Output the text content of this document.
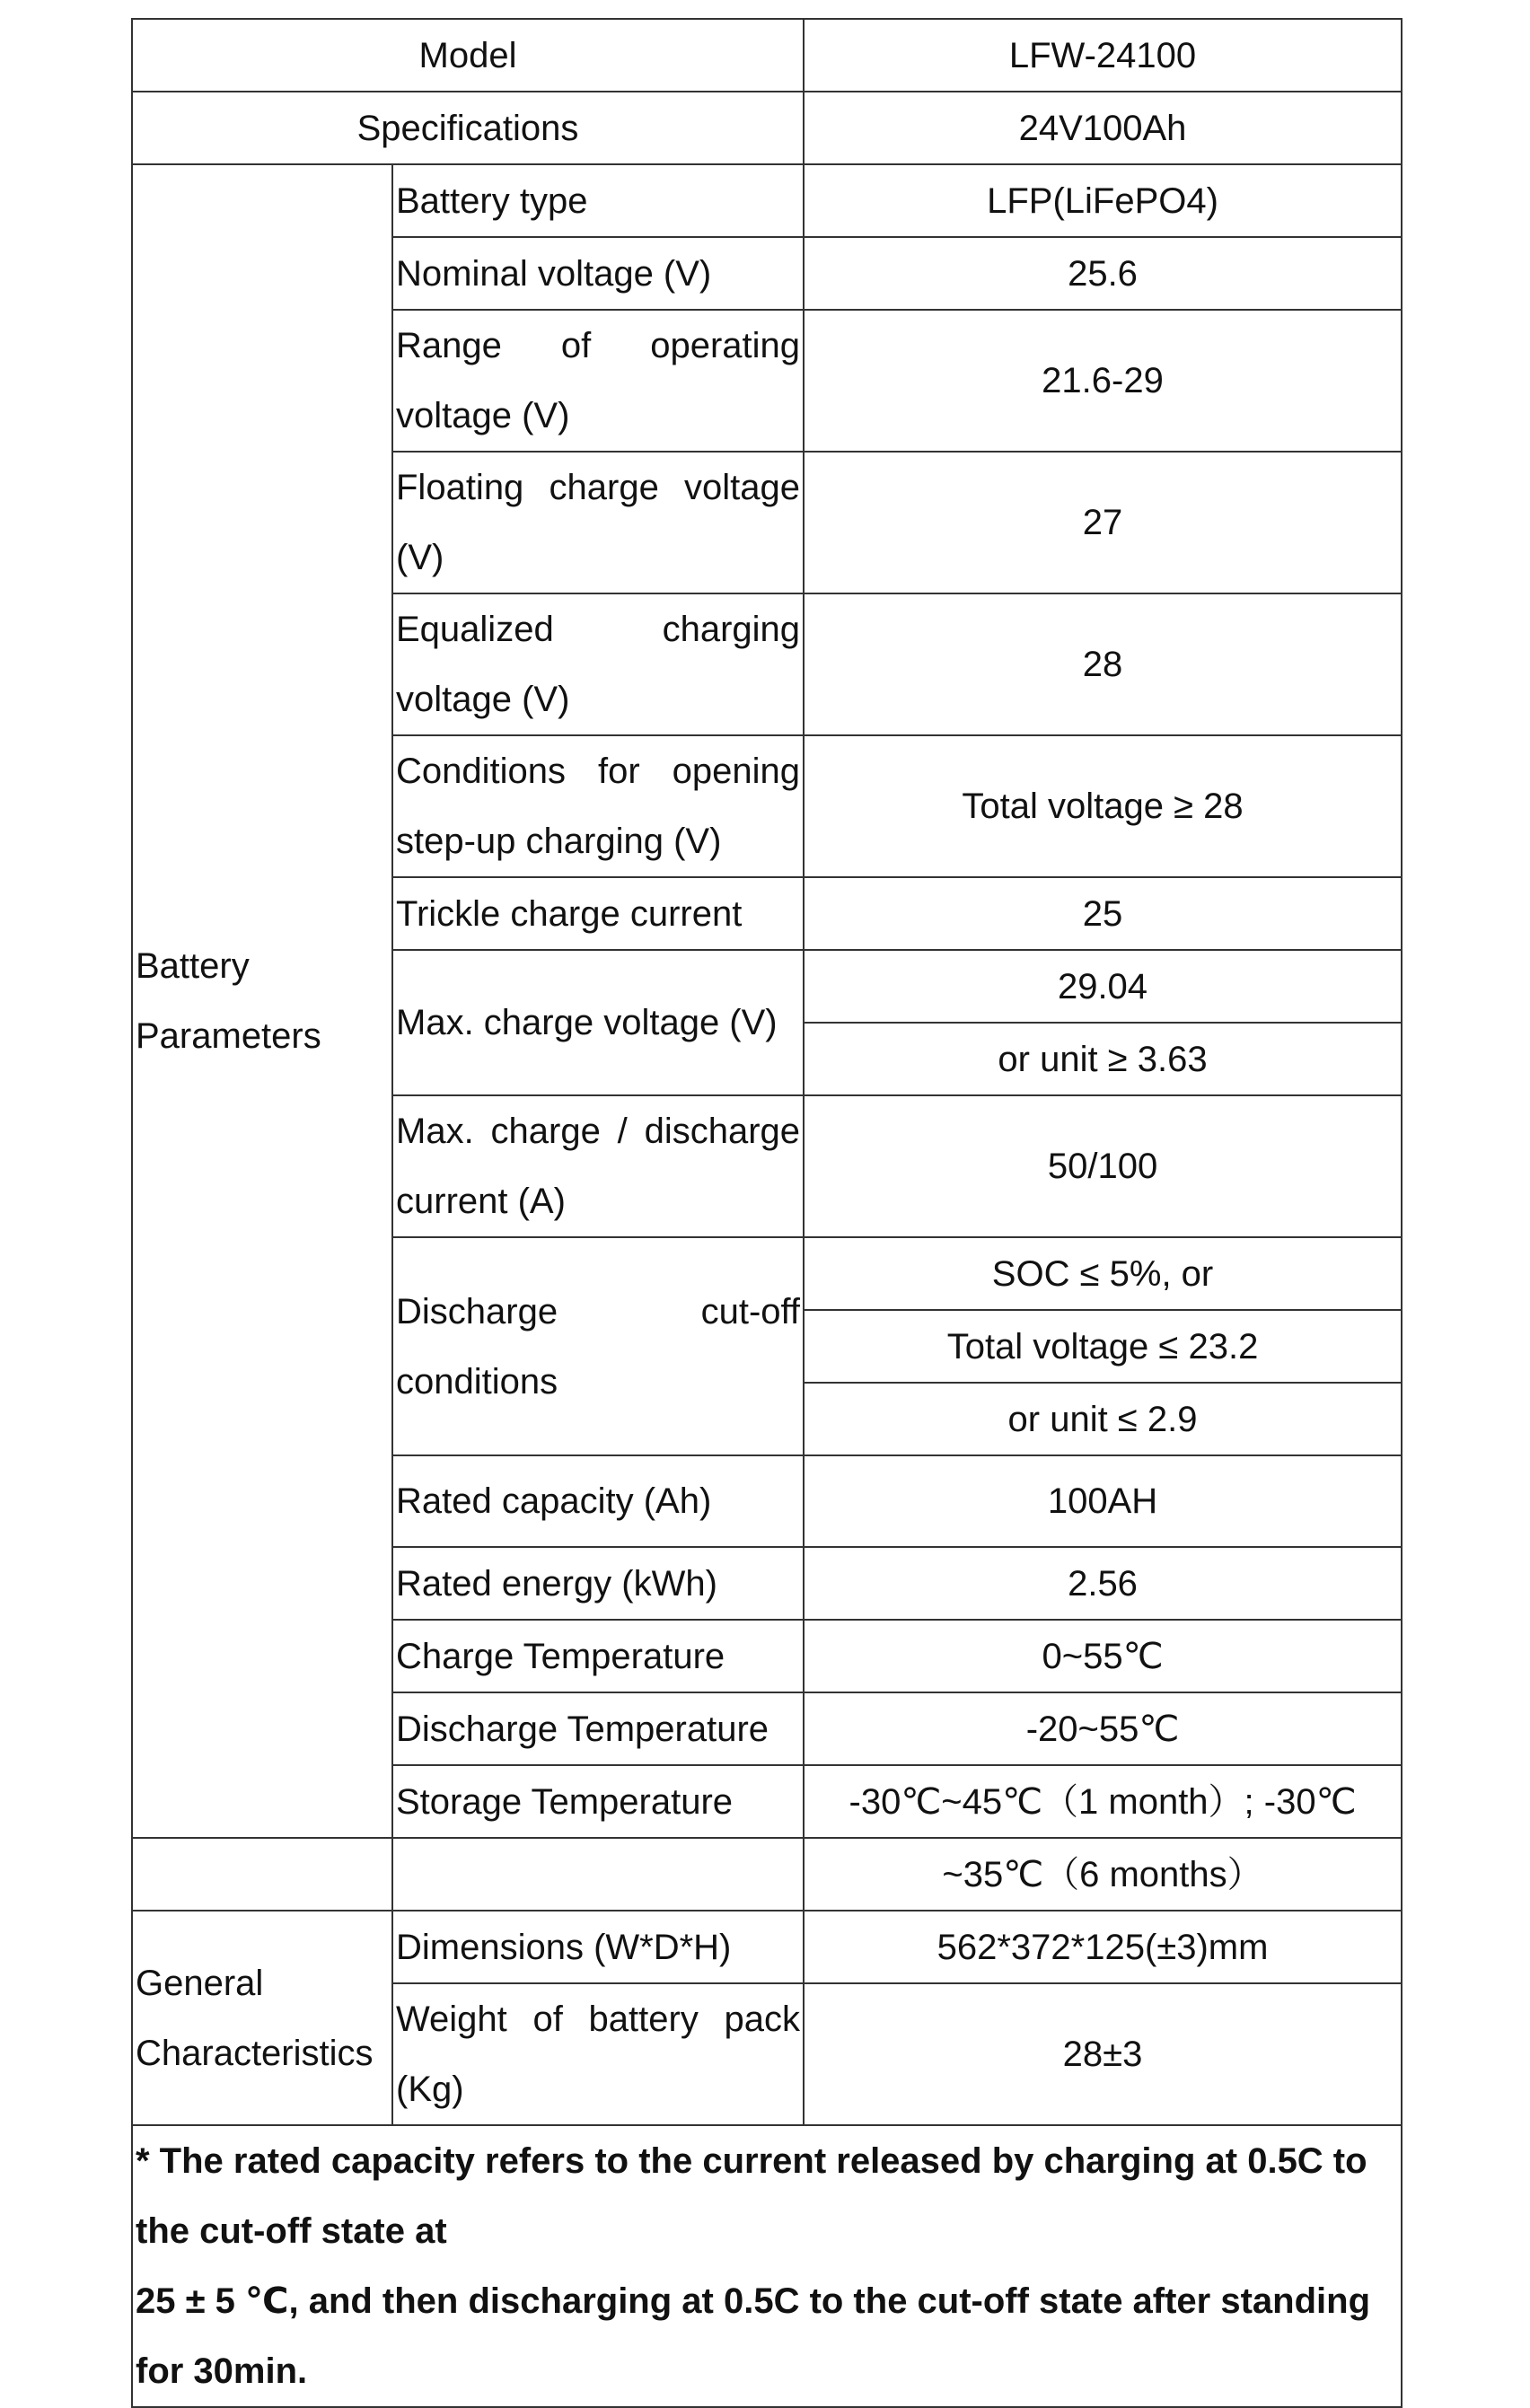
Model		LFW-24100
Specifications		24V100Ah

Battery
Parameters	Battery type	LFP(LiFePO4)
	Nominal voltage (V)	25.6

	Range of operating
voltage (V)	21.6-29

	Floating charge voltage
(V)	27

	Equalized charging
voltage (V)	28

	Conditions for opening
step-up charging (V)	Total voltage ≥ 28
	Trickle charge current	25
	Max. charge voltage (V)	29.04
		or unit ≥ 3.63

	Max. charge / discharge
current (A)	50/100

	Discharge cut-off
conditions	SOC ≤ 5%, or
		Total voltage ≤ 23.2
		or unit ≤ 2.9
	Rated capacity (Ah)	100AH
	Rated energy (kWh)	2.56
	Charge Temperature	0~55℃
	Discharge Temperature	-20~55℃
	Storage Temperature	-30℃~45℃（1 month）; -30℃
		~35℃（6 months）

General
Characteristics	Dimensions (W*D*H)	562*372*125(±3)mm

	Weight of battery pack
(Kg)	28±3

* The rated capacity refers to the current released by charging at 0.5C to the cut-off state at
25 ± 5 ℃, and then discharging at 0.5C to the cut-off state after standing for 30min.		
